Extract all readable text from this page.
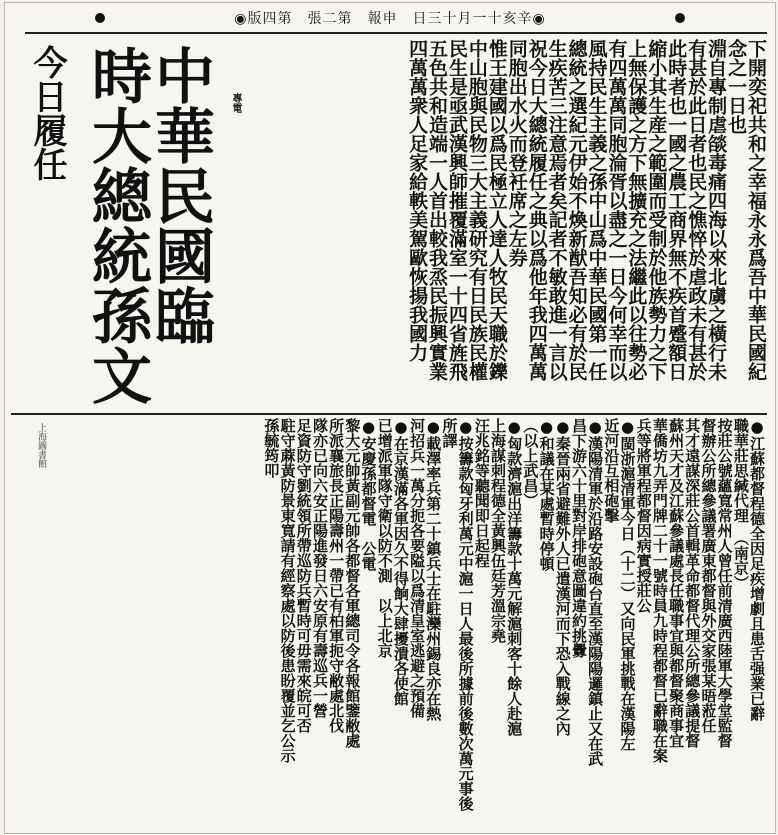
◉版四第　張二第　報申　日三十月一十亥辛◉
中華民國臨
時大總統孫文	專電	下開奕祀共和之幸福永永爲吾中華民國紀
念之一日也
淵自專制虐燄毒痛四海以來北虜之橫行未
有甚於此日者也民之憔悴於虐政未有甚於
此時者也一國之農工商界無不疾首蹙額日
縮小其生産之範圍而受制於他族勢力之下
上無保護之方下無擴充之法繼此以往勢必
有四萬萬同胞淪胥以盡之一日今何幸而以
風持民生主義之孫中山爲中華民國第一任
總統之選紀元伊始不煥新猷吾知必有於民
生疾苦三注意焉者矣記者不敏敢進一言以
祝今日大總統履任之典以爲他年我四萬萬
同胞出水火而登衽席之左券
惟王建國以爲民極立人達人牧民天職於鑠
中山胞與民物三大主義研究有日民族民權
民生是亟武漢興師摧覆滿室一十四省旌飛
五色共和造端一人首出較我烝民振興實業
四萬萬衆人足家給軼美駕歐恢揚我國力
●江蘇都督程德全因足疾增劇且患舌强業已辭
職華莊思緘代理　（南京）
按莊公號蘊寬常州人曾任前清廣西陸軍大學堂監督
督辦公所總參議署廣東都督與外交家張某晤蒞任
其才遠謀深莊公首輯革命都督代理公所總參議提督
蘇州天才及江蘇參議處長任職事宜與都督聚商事宜
華僑坊九弄門牌二十一號時員九時程都督已辭職在案
兵等將軍程都督因病實授莊公
●閩浙滬清軍今日（十二）又向民軍挑戰在漢陽左
近河沿互相砲擊
●漢陽清軍於沿路安設砲台直至漢陽陽邏鎮止又在武
昌下游六十里對岸排砲意圖違約挑釁
●秦晉兩省避難外人已遣漢河而下恐入戰線之內
●和議在某處暫時停頓
（以上武昌）
●匈款濟滬出洋籌款十萬元解滬刺客十餘人赴滬
上海謀刺程德全黃興伍廷芳溫宗堯
汪兆銘等聽聞即日起程
●按籌款匈牙利萬元中滬一日人最後所據前後數次萬元事後
所譯
●載澤率兵第二十鎮兵士在駐灤州錫良亦在熱
河招兵一萬分扼各要隘以爲清皇室逃避之預備
●在京漢滿各軍因久不得餉大肆擾潰各使館
已增派軍隊守衛以防不測　以上北京
●安慶孫都督電　公電
黎大元帥黃副元帥各都督各軍總司令各報館鑒敝處
所派襄旅長正陽壽州一帶已有柏軍扼守敝處北伐
隊亦已向六安正陽進發日六安原有壽巡兵一營
足資防守劉統領所帶巡防兵暫時可毋需來皖可否
駐守蔴黃防景東寬請有經察處以防後患盼覆並乞公示
孫毓筠叩
上海圖書館
今日履任
